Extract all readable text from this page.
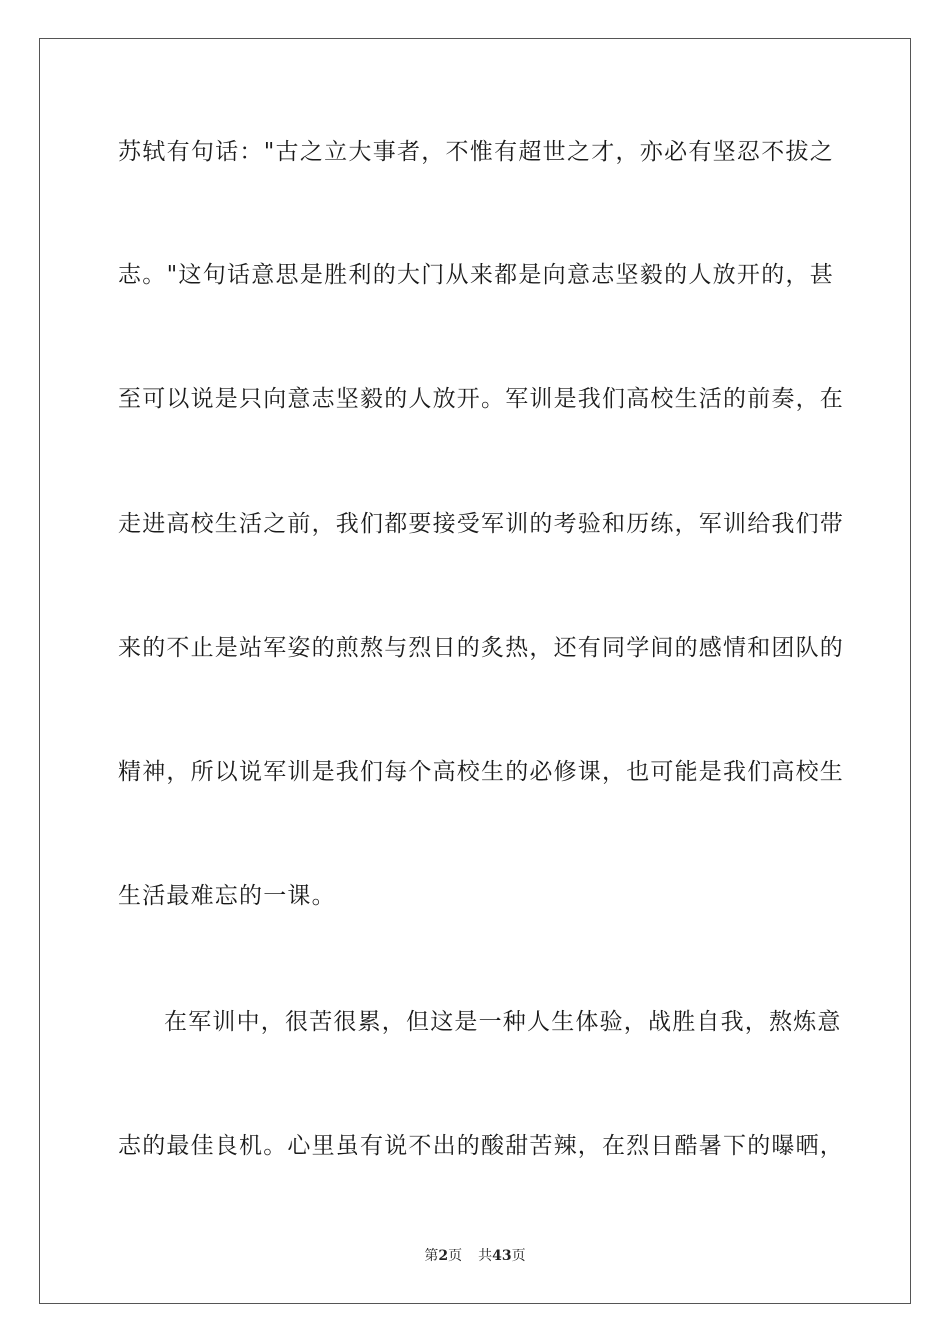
苏轼有句话："古之立大事者，不惟有超世之才，亦必有坚忍不拔之
志。"这句话意思是胜利的大门从来都是向意志坚毅的人放开的，甚
至可以说是只向意志坚毅的人放开。军训是我们高校生活的前奏，在
走进高校生活之前，我们都要接受军训的考验和历练，军训给我们带
来的不止是站军姿的煎熬与烈日的炙热，还有同学间的感情和团队的
精神，所以说军训是我们每个高校生的必修课，也可能是我们高校生
生活最难忘的一课。
在军训中，很苦很累，但这是一种人生体验，战胜自我，熬炼意
志的最佳良机。心里虽有说不出的酸甜苦辣，在烈日酷暑下的曝晒，
第2页 共43页
